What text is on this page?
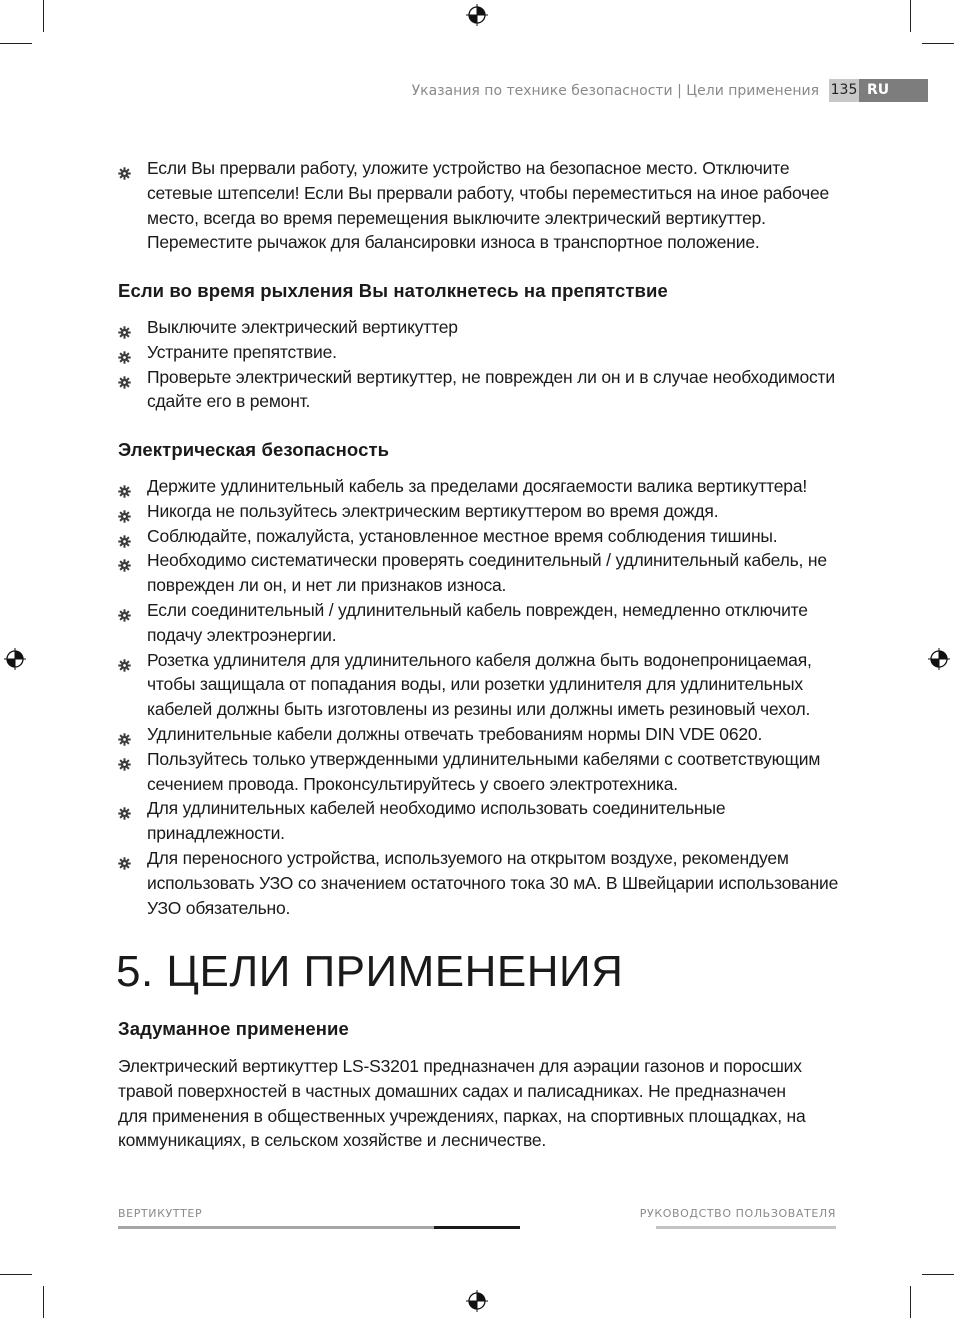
Указания по технике безопасности | Цели применения 135 RU
Если Вы прервали работу, уложите устройство на безопасное место. Отключите сетевые штепсели! Если Вы прервали работу, чтобы переместиться на иное рабочее место, всегда во время перемещения выключите электрический вертикуттер. Переместите рычажок для балансировки износа в транспортное положение.
Если во время рыхления Вы натолкнетесь на препятствие
Выключите электрический вертикуттер
Устраните препятствие.
Проверьте электрический вертикуттер, не поврежден ли он и в случае необходимости сдайте его в ремонт.
Электрическая безопасность
Держите удлинительный кабель за пределами досягаемости валика вертикуттера!
Никогда не пользуйтесь электрическим вертикуттером во время дождя.
Соблюдайте, пожалуйста, установленное местное время соблюдения тишины.
Необходимо систематически проверять соединительный / удлинительный кабель, не поврежден ли он, и нет ли признаков износа.
Если соединительный / удлинительный кабель поврежден, немедленно отключите подачу электроэнергии.
Розетка удлинителя для удлинительного кабеля должна быть водонепроницаемая, чтобы защищала от попадания воды, или розетки удлинителя для удлинительных кабелей должны быть изготовлены из резины или должны иметь резиновый чехол.
Удлинительные кабели должны отвечать требованиям нормы DIN VDE 0620.
Пользуйтесь только утвержденными удлинительными кабелями с соответствующим сечением провода. Проконсультируйтесь у своего электротехника.
Для удлинительных кабелей необходимо использовать соединительные принадлежности.
Для переносного устройства, используемого на открытом воздухе, рекомендуем использовать УЗО со значением остаточного тока 30 мА. В Швейцарии использование УЗО обязательно.
5. ЦЕЛИ ПРИМЕНЕНИЯ
Задуманное применение

Электрический вертикуттер LS-S3201 предназначен для аэрации газонов и поросших травой поверхностей в частных домашних садах и палисадниках. Не предназначен для применения в общественных учреждениях, парках, на спортивных площадках, на коммуникациях, в сельском хозяйстве и лесничестве.

ВЕРТИКУТТЕР	РУКОВОДСТВО ПОЛЬЗОВАТЕЛЯ
